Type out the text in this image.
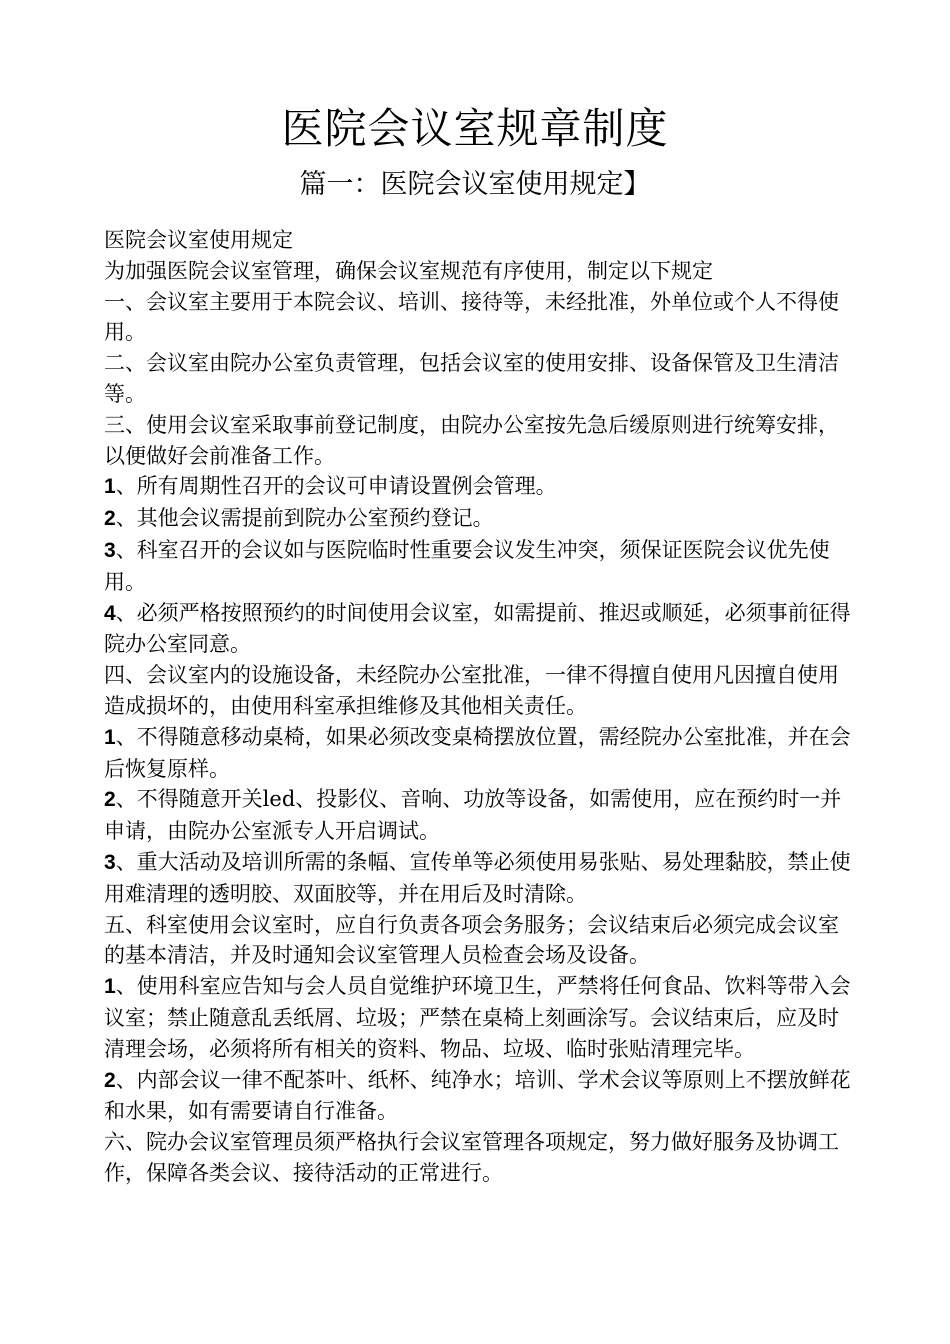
医院会议室规章制度
篇一：医院会议室使用规定】

医院会议室使用规定

为加强医院会议室管理，确保会议室规范有序使用，制定以下规定

一、会议室主要用于本院会议、培训、接待等，未经批准，外单位或个人不得使用。

二、会议室由院办公室负责管理，包括会议室的使用安排、设备保管及卫生清洁等。

三、使用会议室采取事前登记制度，由院办公室按先急后缓原则进行统筹安排，以便做好会前准备工作。

1、所有周期性召开的会议可申请设置例会管理。

2、其他会议需提前到院办公室预约登记。

3、科室召开的会议如与医院临时性重要会议发生冲突，须保证医院会议优先使用。

4、必须严格按照预约的时间使用会议室，如需提前、推迟或顺延，必须事前征得院办公室同意。

四、会议室内的设施设备，未经院办公室批准，一律不得擅自使用凡因擅自使用造成损坏的，由使用科室承担维修及其他相关责任。

1、不得随意移动桌椅，如果必须改变桌椅摆放位置，需经院办公室批准，并在会后恢复原样。

2、不得随意开关led、投影仪、音响、功放等设备，如需使用，应在预约时一并申请，由院办公室派专人开启调试。

3、重大活动及培训所需的条幅、宣传单等必须使用易张贴、易处理黏胶，禁止使用难清理的透明胶、双面胶等，并在用后及时清除。

五、科室使用会议室时，应自行负责各项会务服务；会议结束后必须完成会议室的基本清洁，并及时通知会议室管理人员检查会场及设备。

1、使用科室应告知与会人员自觉维护环境卫生，严禁将任何食品、饮料等带入会议室；禁止随意乱丢纸屑、垃圾；严禁在桌椅上刻画涂写。会议结束后，应及时清理会场，必须将所有相关的资料、物品、垃圾、临时张贴清理完毕。

2、内部会议一律不配茶叶、纸杯、纯净水；培训、学术会议等原则上不摆放鲜花和水果，如有需要请自行准备。

六、院办会议室管理员须严格执行会议室管理各项规定，努力做好服务及协调工作，保障各类会议、接待活动的正常进行。
